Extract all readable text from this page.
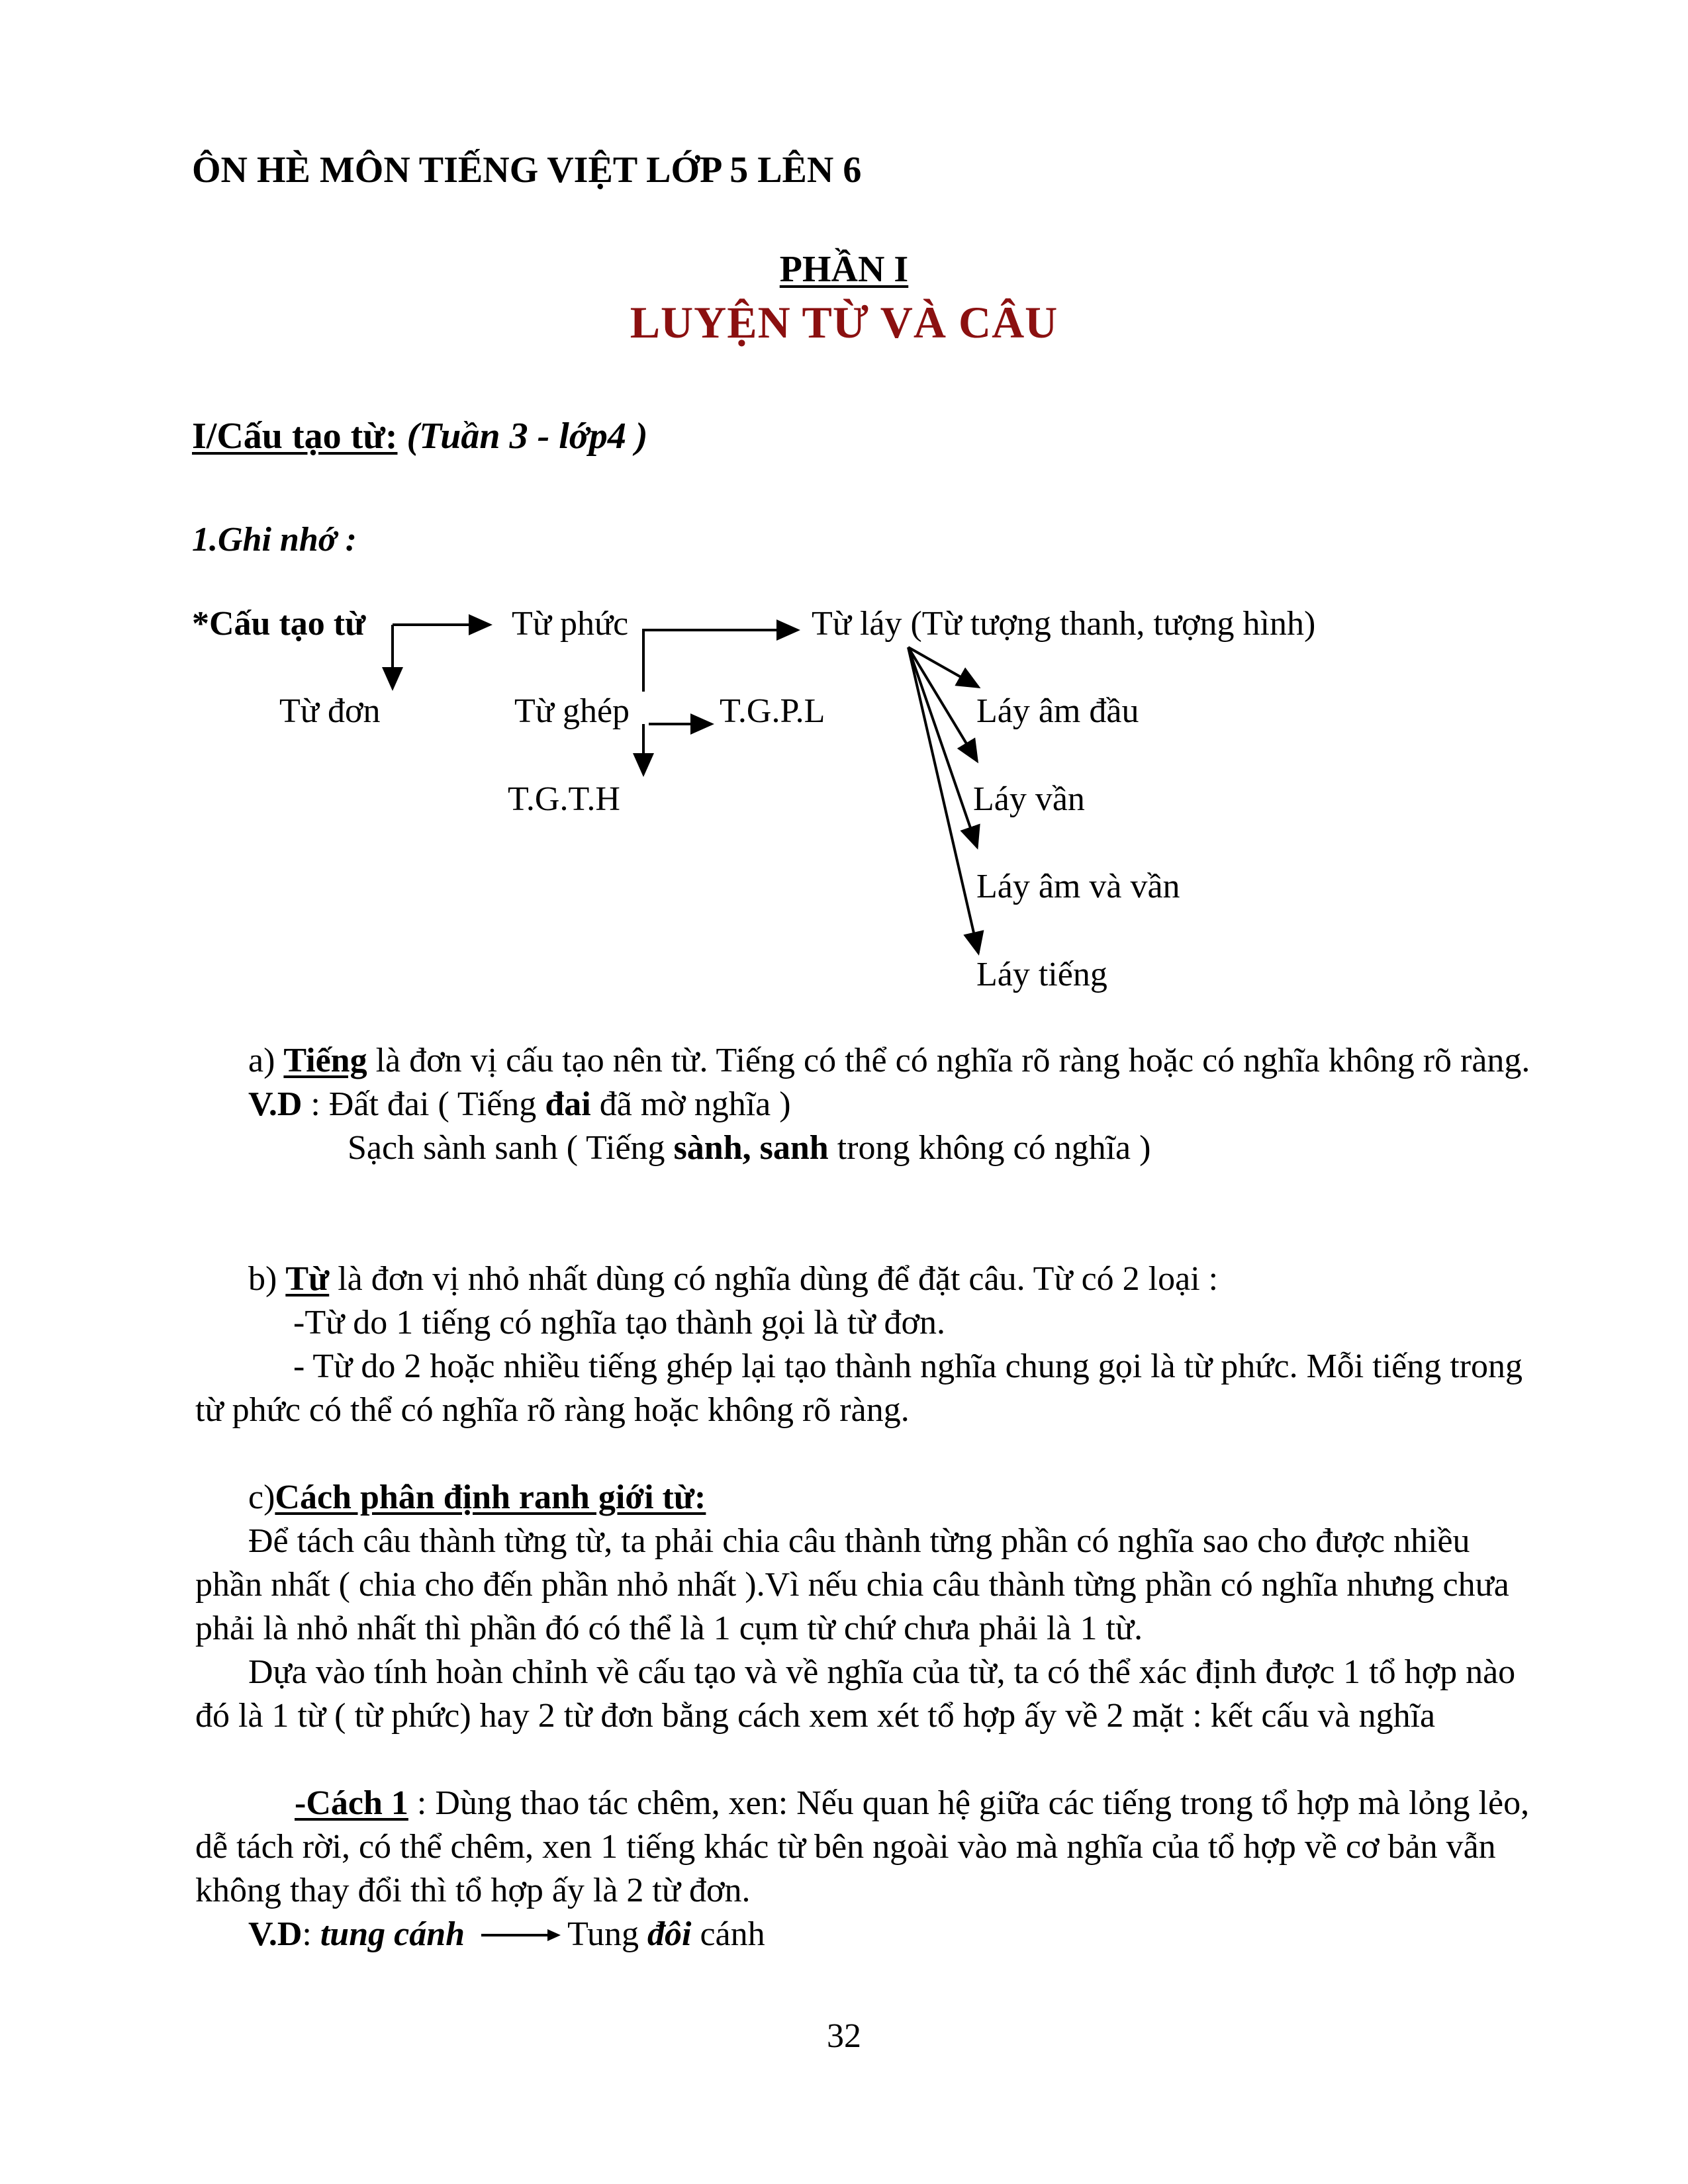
ÔN HÈ MÔN TIẾNG VIỆT LỚP 5 LÊN 6
PHẦN I
LUYỆN TỪ VÀ CÂU
I/Cấu tạo từ: (Tuần 3 - lớp4 )
1.Ghi nhớ :
*Cấu tạo từ	Từ phức	Từ láy (Từ tượng thanh, tượng hình)
Từ đơn	Từ ghép	T.G.P.L
T.G.T.H
Láy âm đầu
Láy vần
Láy âm và vần
Láy tiếng

a) Tiếng là đơn vị cấu tạo nên từ. Tiếng có thể có nghĩa rõ ràng hoặc có nghĩa không rõ ràng.

V.D : Đất đai ( Tiếng đai đã mờ nghĩa )

Sạch sành sanh ( Tiếng sành, sanh trong không có nghĩa )

b) Từ là đơn vị nhỏ nhất dùng có nghĩa dùng để đặt câu. Từ có 2 loại :

-Từ do 1 tiếng có nghĩa tạo thành gọi là từ đơn.

- Từ do 2 hoặc nhiều tiếng ghép lại tạo thành nghĩa chung gọi là từ phức. Mỗi tiếng trong từ phức có thể có nghĩa rõ ràng hoặc không rõ ràng.

c)Cách phân định ranh giới từ:

Để tách câu thành từng từ, ta phải chia câu thành từng phần có nghĩa sao cho được nhiều phần nhất ( chia cho đến phần nhỏ nhất ).Vì nếu chia câu thành từng phần có nghĩa nhưng chưa phải là nhỏ nhất thì phần đó có thể là 1 cụm từ chứ chưa phải là 1 từ.

Dựa vào tính hoàn chỉnh về cấu tạo và về nghĩa của từ, ta có thể xác định được 1 tổ hợp nào đó là 1 từ ( từ phức) hay 2 từ đơn bằng cách xem xét tổ hợp ấy về 2 mặt : kết cấu và nghĩa

-Cách 1 : Dùng thao tác chêm, xen: Nếu quan hệ giữa các tiếng trong tổ hợp mà lỏng lẻo, dễ tách rời, có thể chêm, xen 1 tiếng khác từ bên ngoài vào mà nghĩa của tổ hợp về cơ bản vẫn không thay đổi thì tổ hợp ấy là 2 từ đơn.

V.D: tung cánh	Tung đôi cánh

32
